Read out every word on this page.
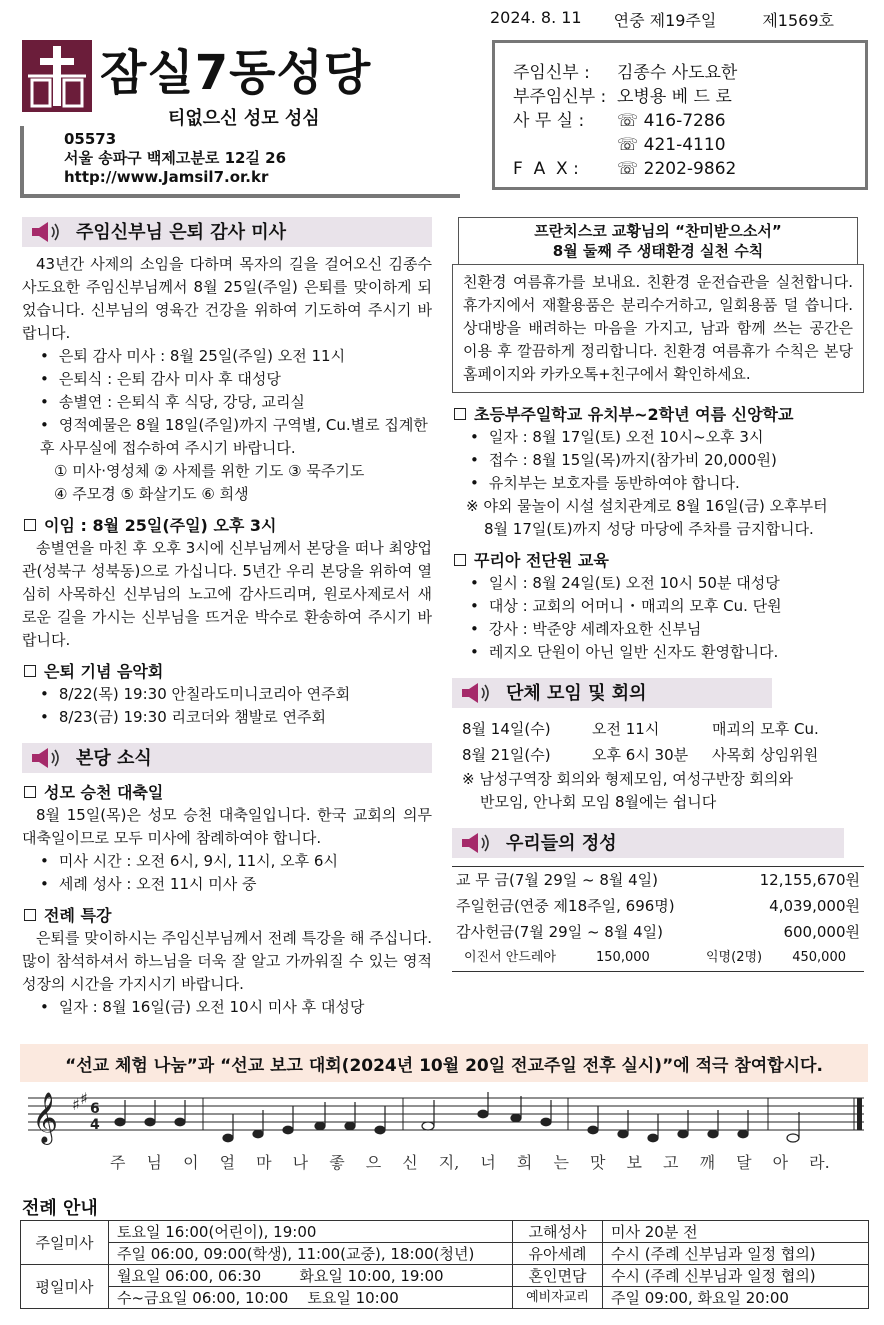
2024. 8. 11 연중 제19주일	제1569호
잠실7동성당
티없으신 성모 성심
05573
서울 송파구 백제고분로 12길 26
http://www.Jamsil7.or.kr
주임신부 :	김종수 사도요한
부주임신부 : 오병용 베 드 로
사 무 실 :	☏ 416-7286
☏ 421-4110
F  A  X :	☏ 2202-9862
주임신부님 은퇴 감사 미사

43년간 사제의 소임을 다하며 목자의 길을 걸어오신 김종수 사도요한 주임신부님께서 8월 25일(주일) 은퇴를 맞이하게 되었습니다. 신부님의 영육간 건강을 위하여 기도하여 주시기 바랍니다.

• 은퇴 감사 미사 : 8월 25일(주일) 오전 11시
• 은퇴식 : 은퇴 감사 미사 후 대성당
• 송별연 : 은퇴식 후 식당, 강당, 교리실
• 영적예물은 8월 18일(주일)까지 구역별, Cu.별로 집계한 후 사무실에 접수하여 주시기 바랍니다.
① 미사·영성체 ② 사제를 위한 기도 ③ 묵주기도
④ 주모경 ⑤ 화살기도 ⑥ 희생
이임 : 8월 25일(주일) 오후 3시

송별연을 마친 후 오후 3시에 신부님께서 본당을 떠나 최양업관(성북구 성북동)으로 가십니다. 5년간 우리 본당을 위하여 열심히 사목하신 신부님의 노고에 감사드리며, 원로사제로서 새로운 길을 가시는 신부님을 뜨거운 박수로 환송하여 주시기 바랍니다.

은퇴 기념 음악회
• 8/22(목) 19:30 안칠라도미니코리아 연주회
• 8/23(금) 19:30 리코더와 챔발로 연주회
본당 소식
성모 승천 대축일

8월 15일(목)은 성모 승천 대축일입니다. 한국 교회의 의무 대축일이므로 모두 미사에 참례하여야 합니다.

• 미사 시간 : 오전 6시, 9시, 11시, 오후 6시
• 세례 성사 : 오전 11시 미사 중
전례 특강

은퇴를 맞이하시는 주임신부님께서 전례 특강을 해 주십니다. 많이 참석하셔서 하느님을 더욱 잘 알고 가까워질 수 있는 영적 성장의 시간을 가지시기 바랍니다.

• 일자 : 8월 16일(금) 오전 10시 미사 후 대성당
프란치스코 교황님의 “찬미받으소서”
8월 둘째 주 생태환경 실천 수칙
친환경 여름휴가를 보내요. 친환경 운전습관을 실천합니다. 휴가지에서 재활용품은 분리수거하고, 일회용품 덜 씁니다. 상대방을 배려하는 마음을 가지고, 남과 함께 쓰는 공간은 이용 후 깔끔하게 정리합니다. 친환경 여름휴가 수칙은 본당 홈페이지와 카카오톡+친구에서 확인하세요.
초등부주일학교 유치부~2학년 여름 신앙학교
• 일자 : 8월 17일(토) 오전 10시~오후 3시
• 접수 : 8월 15일(목)까지(참가비 20,000원)
• 유치부는 보호자를 동반하여야 합니다.
※ 야외 물놀이 시설 설치관계로 8월 16일(금) 오후부터
8월 17일(토)까지 성당 마당에 주차를 금지합니다.
꾸리아 전단원 교육
• 일시 : 8월 24일(토) 오전 10시 50분 대성당
• 대상 : 교회의 어머니 ･ 매괴의 모후 Cu. 단원
• 강사 : 박준양 세례자요한 신부님
• 레지오 단원이 아닌 일반 신자도 환영합니다.
단체 모임 및 회의
8월 14일(수)	오전 11시	매괴의 모후 Cu.
8월 21일(수)	오후 6시 30분	사목회 상임위원
※ 남성구역장 회의와 형제모임, 여성구반장 회의와
반모임, 안나회 모임 8월에는 쉽니다
우리들의 정성
교 무 금(7월 29일 ~ 8월 4일)	12,155,670원
주일헌금(연중 제18주일, 696명)	4,039,000원
감사헌금(7월 29일 ~ 8월 4일)	600,000원
이진서 안드레아 150,000 익명(2명) 450,000	
“선교 체험 나눔”과 “선교 보고 대회(2024년 10월 20일 전교주일 전후 실시)”에 적극 참여합시다.
𝄞 ♯ ♯
6
4
주 님 이 얼 마 나 좋 으 신 지, 너 희 는 맛 보 고 깨 달 아 라.
전례 안내
주일미사	토요일 16:00(어린이), 19:00	고해성사	미사 20분 전
	주일 06:00, 09:00(학생), 11:00(교중), 18:00(청년)	유아세례	수시 (주례 신부님과 일정 협의)
평일미사	월요일 06:00, 06:30        화요일 10:00, 19:00	혼인면담	수시 (주례 신부님과 일정 협의)
	수~금요일 06:00, 10:00    토요일 10:00	예비자교리	주일 09:00, 화요일 20:00
